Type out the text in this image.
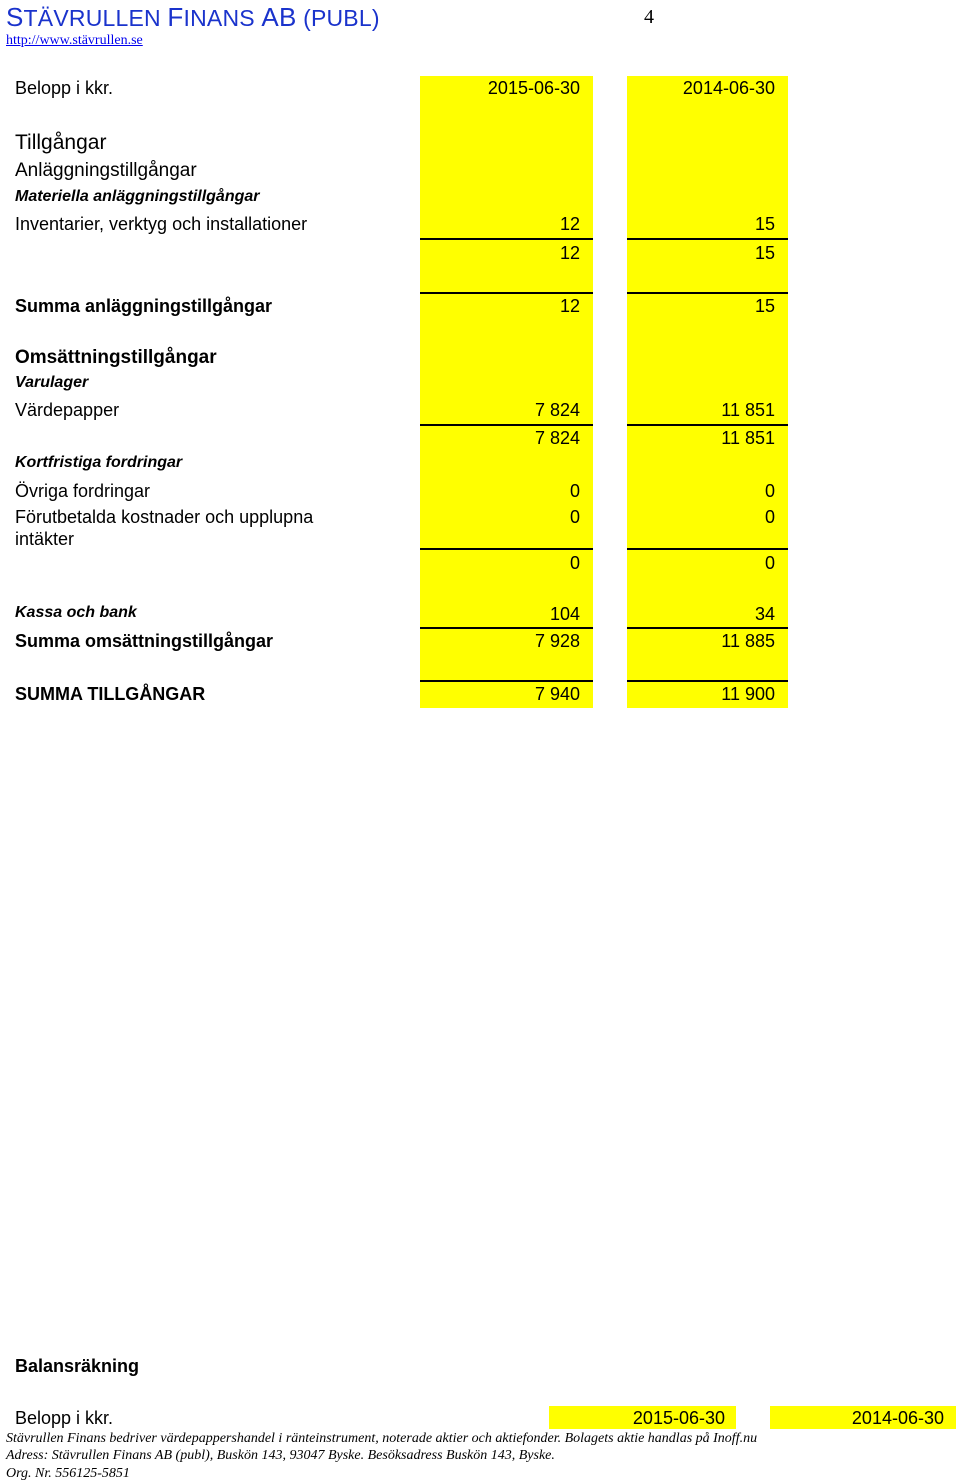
STÄVRULLEN FINANS AB (PUBL)
http://www.stävrullen.se
4
Belopp i kkr.	2015-06-30	2014-06-30
Tillgångar
Anläggningstillgångar
Materiella anläggningstillgångar
Inventarier, verktyg och installationer	12	15
12	15
Summa anläggningstillgångar	12	15
Omsättningstillgångar
Varulager
Värdepapper	7 824	11 851
7 824	11 851
Kortfristiga fordringar
Övriga fordringar	0	0
Förutbetalda kostnader och upplupna
intäkter
0	0
0	0
Kassa och bank	104	34
Summa omsättningstillgångar	7 928	11 885
SUMMA TILLGÅNGAR	7 940	11 900
Balansräkning
Belopp i kkr.	2015-06-30	2014-06-30
Stävrullen Finans bedriver värdepappershandel i ränteinstrument, noterade aktier och aktiefonder. Bolagets aktie handlas på Inoff.nu
Adress: Stävrullen Finans AB (publ), Buskön 143, 93047 Byske. Besöksadress Buskön 143, Byske.
Org. Nr. 556125-5851
